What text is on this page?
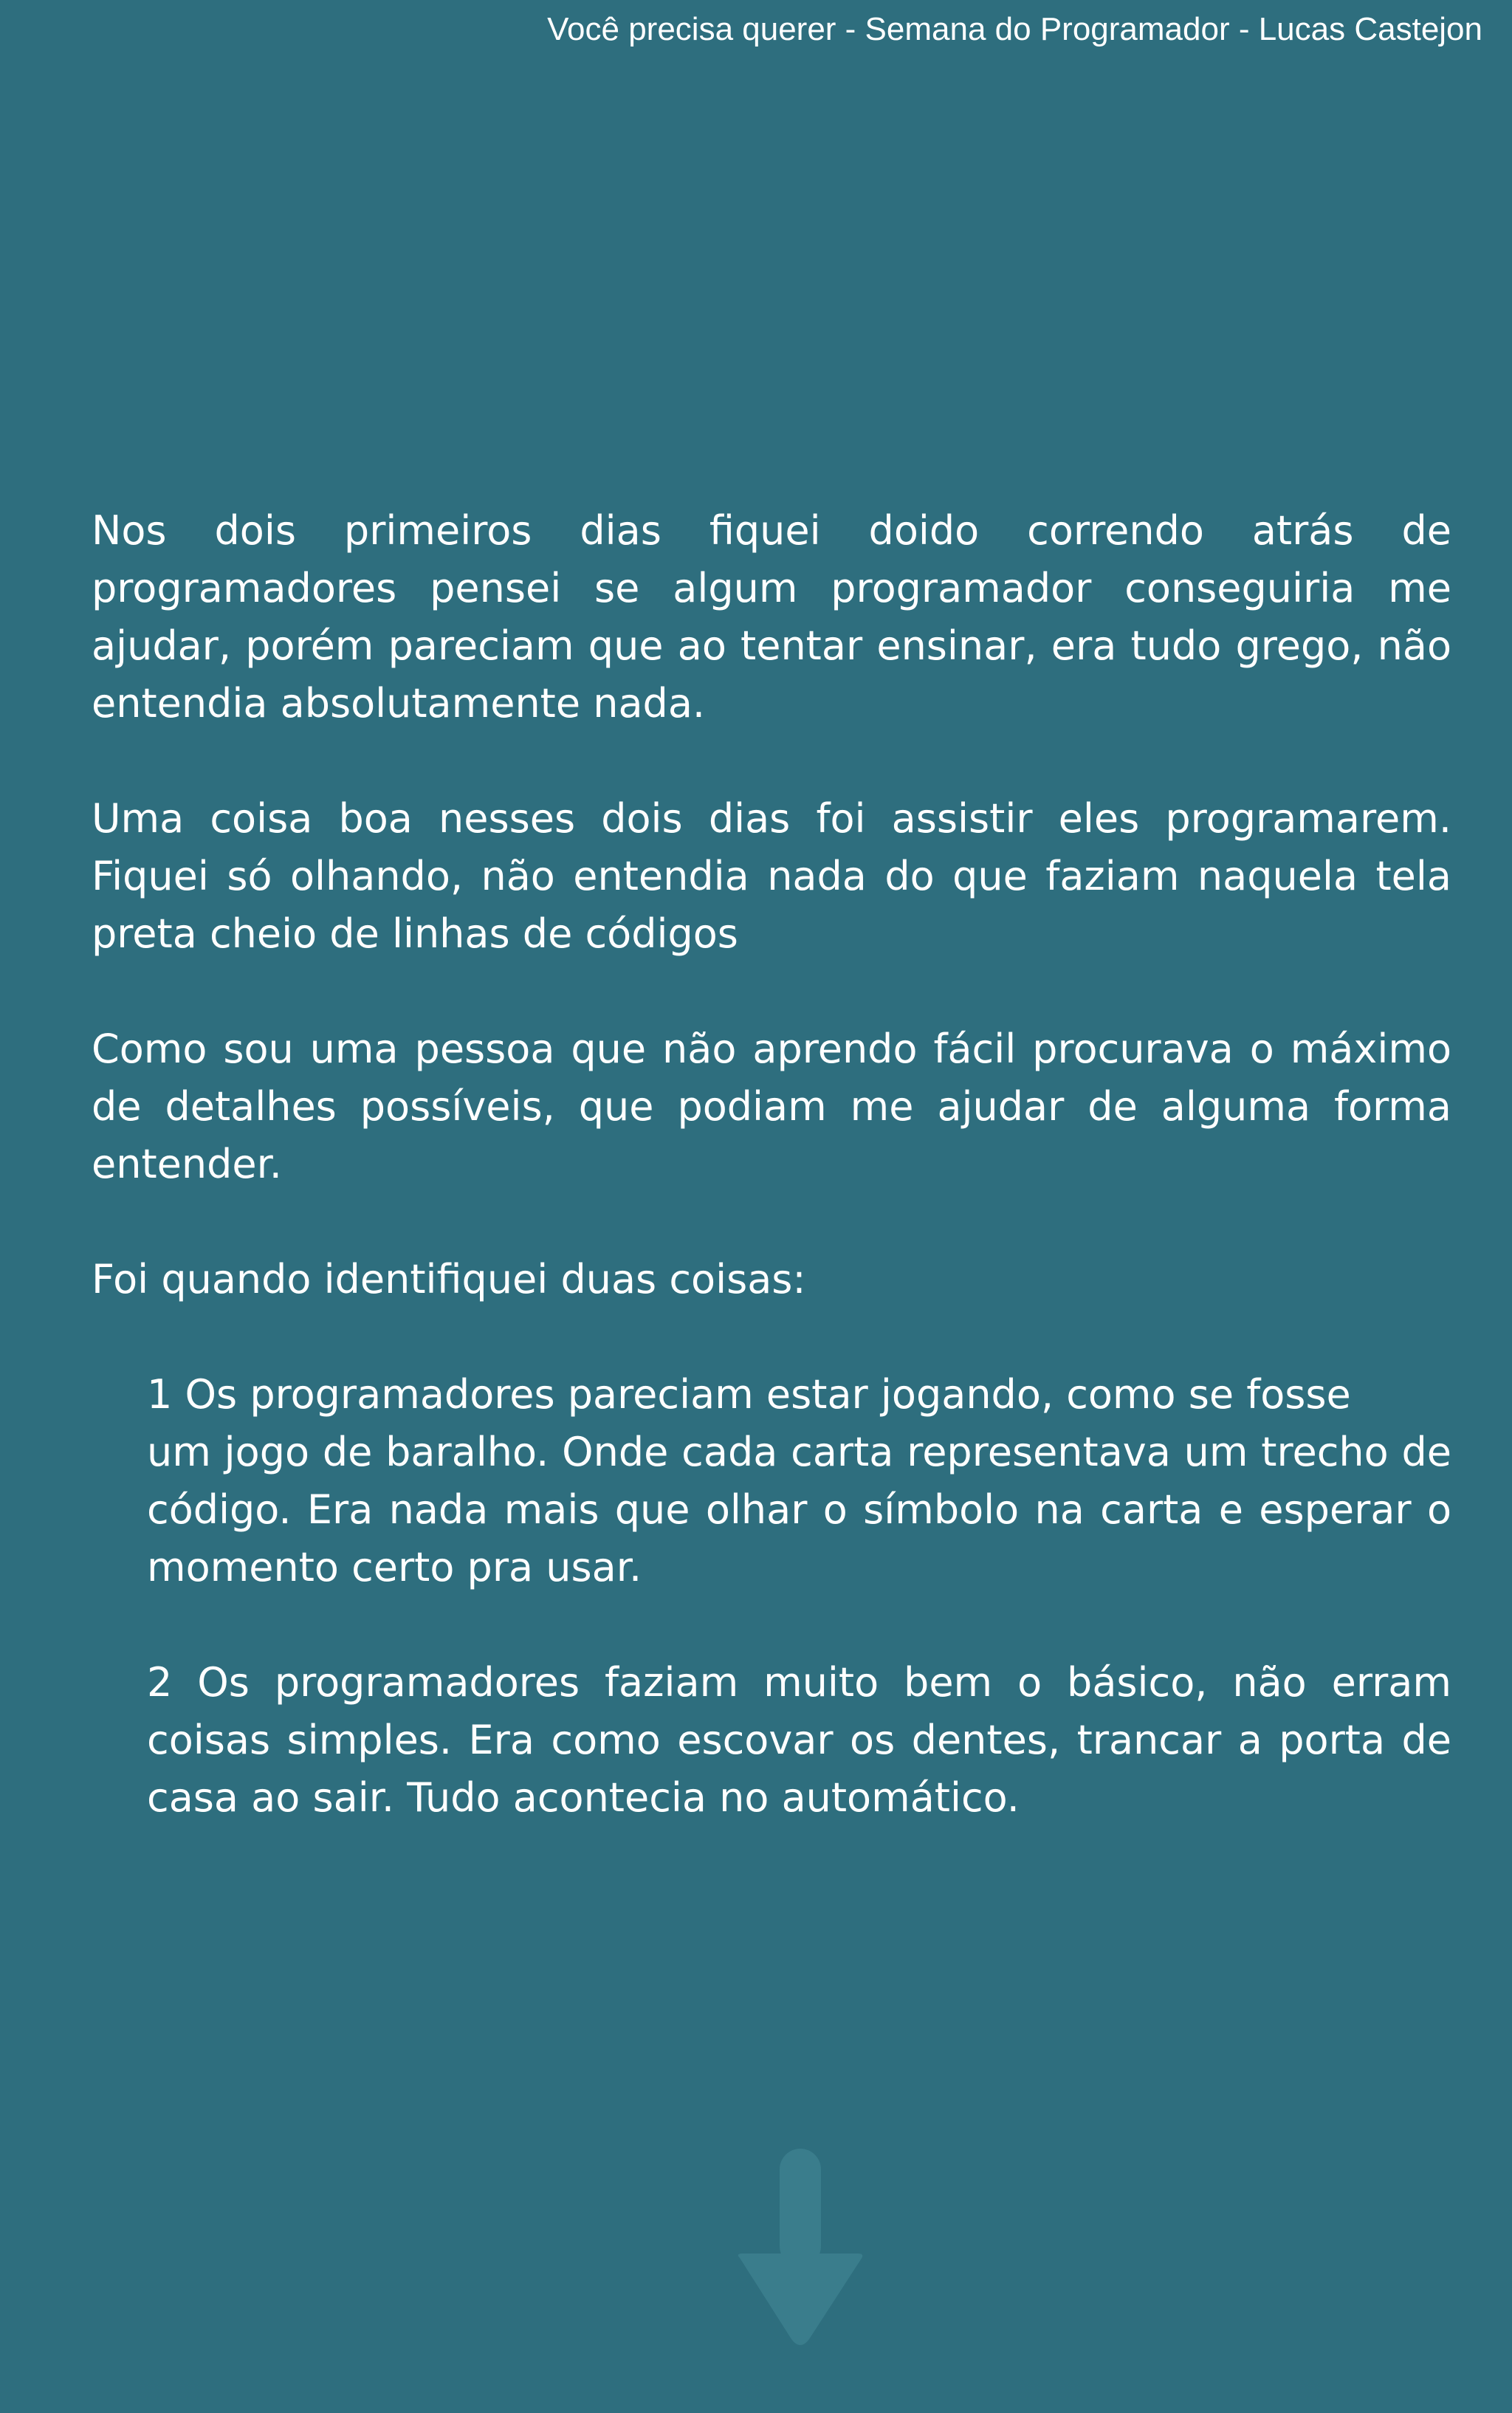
Você precisa querer - Semana do Programador - Lucas Castejon

Nos dois primeiros dias fiquei doido correndo atrás de programadores pensei se algum programador conseguiria me ajudar, porém pareciam que ao tentar ensinar, era tudo grego, não entendia absolutamente nada.

Uma coisa boa nesses dois dias foi assistir eles programarem. Fiquei só olhando, não entendia nada do que faziam naquela tela preta cheio de linhas de códigos

Como sou uma pessoa que não aprendo fácil procurava o máximo de detalhes possíveis, que podiam me ajudar de alguma forma entender.

Foi quando identifiquei duas coisas:

1 Os programadores pareciam estar jogando, como se fosse
um jogo de baralho. Onde cada carta representava um trecho de código. Era nada mais que olhar o símbolo na carta e esperar o momento certo pra usar.

2 Os programadores faziam muito bem o básico, não erram coisas simples. Era como escovar os dentes, trancar a porta de casa ao sair. Tudo acontecia no automático.
